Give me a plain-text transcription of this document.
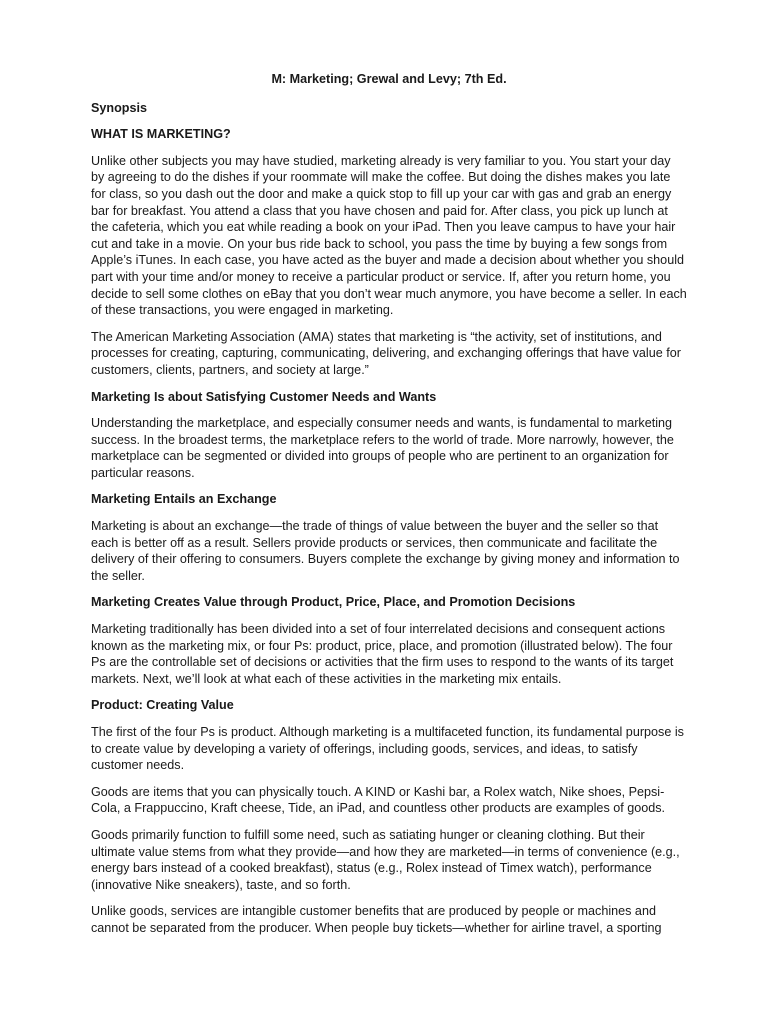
M: Marketing; Grewal and Levy; 7th Ed.
Synopsis
WHAT IS MARKETING?

Unlike other subjects you may have studied, marketing already is very familiar to you. You start your day by agreeing to do the dishes if your roommate will make the coffee. But doing the dishes makes you late for class, so you dash out the door and make a quick stop to fill up your car with gas and grab an energy bar for breakfast. You attend a class that you have chosen and paid for. After class, you pick up lunch at the cafeteria, which you eat while reading a book on your iPad. Then you leave campus to have your hair cut and take in a movie. On your bus ride back to school, you pass the time by buying a few songs from Apple’s iTunes. In each case, you have acted as the buyer and made a decision about whether you should part with your time and/or money to receive a particular product or service. If, after you return home, you decide to sell some clothes on eBay that you don’t wear much anymore, you have become a seller. In each of these transactions, you were engaged in marketing.

The American Marketing Association (AMA) states that marketing is “the activity, set of institutions, and processes for creating, capturing, communicating, delivering, and exchanging offerings that have value for customers, clients, partners, and society at large.”

Marketing Is about Satisfying Customer Needs and Wants

Understanding the marketplace, and especially consumer needs and wants, is fundamental to marketing success. In the broadest terms, the marketplace refers to the world of trade. More narrowly, however, the marketplace can be segmented or divided into groups of people who are pertinent to an organization for particular reasons.

Marketing Entails an Exchange

Marketing is about an exchange—the trade of things of value between the buyer and the seller so that each is better off as a result. Sellers provide products or services, then communicate and facilitate the delivery of their offering to consumers. Buyers complete the exchange by giving money and information to the seller.

Marketing Creates Value through Product, Price, Place, and Promotion Decisions

Marketing traditionally has been divided into a set of four interrelated decisions and consequent actions known as the marketing mix, or four Ps: product, price, place, and promotion (illustrated below). The four Ps are the controllable set of decisions or activities that the firm uses to respond to the wants of its target markets. Next, we’ll look at what each of these activities in the marketing mix entails.

Product: Creating Value

The first of the four Ps is product. Although marketing is a multifaceted function, its fundamental purpose is to create value by developing a variety of offerings, including goods, services, and ideas, to satisfy customer needs.

Goods are items that you can physically touch. A KIND or Kashi bar, a Rolex watch, Nike shoes, Pepsi-Cola, a Frappuccino, Kraft cheese, Tide, an iPad, and countless other products are examples of goods.

Goods primarily function to fulfill some need, such as satiating hunger or cleaning clothing. But their ultimate value stems from what they provide—and how they are marketed—in terms of convenience (e.g., energy bars instead of a cooked breakfast), status (e.g., Rolex instead of Timex watch), performance (innovative Nike sneakers), taste, and so forth.

Unlike goods, services are intangible customer benefits that are produced by people or machines and cannot be separated from the producer. When people buy tickets—whether for airline travel, a sporting
